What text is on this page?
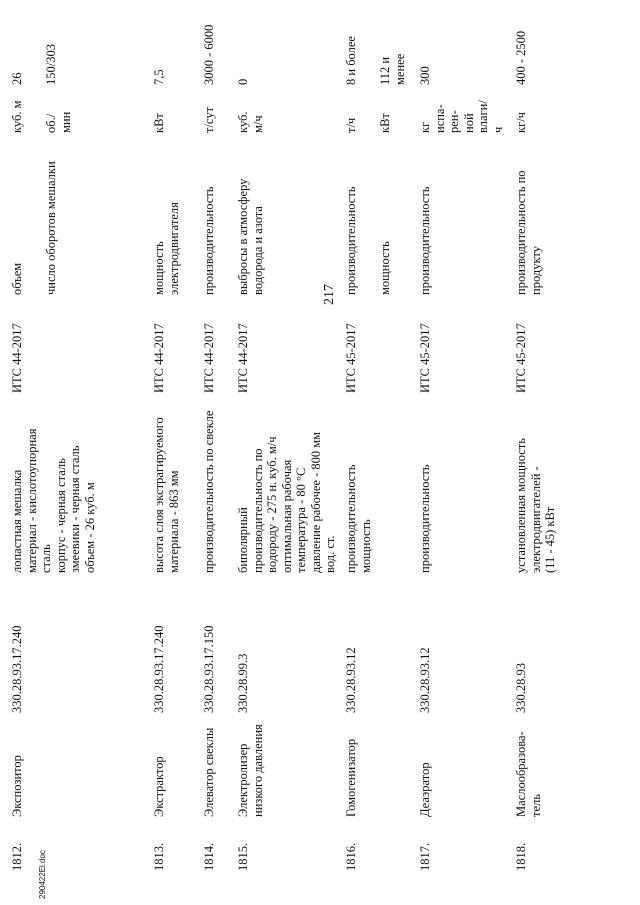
217
290422El.doc
1812.
Экспозитор
330.28.93.17.240
лопастная мешалка материал - кислотоупорная сталь корпус - черная сталь змеевики - черная сталь объем - 26 куб. м
ИТС 44-2017
объем
куб. м
26
число оборотов мешалки
об./ мин
150/303
1813.
Экстрактор
330.28.93.17.240
высота слоя экстрагируемого материала - 863 мм
ИТС 44-2017
мощность электродвигателя
кВт
7,5
1814.
Элеватор свеклы
330.28.93.17.150
производительность по свекле
ИТС 44-2017
производительность
т/сут
3000 - 6000
1815.
Электролизер низкого давления
330.28.99.3
биполярный производительность по водороду - 275 н. куб. м/ч оптимальная рабочая температура - 80 °С давление рабочее - 800 мм вод. ст.
ИТС 44-2017
выбросы в атмосферу водорода и азота
куб. м/ч
0
1816.
Гомогенизатор
330.28.93.12
производительность мощность
ИТС 45-2017
производительность
т/ч
8 и более
мощность
кВт
112 и менее
1817.
Деаэратор
330.28.93.12
производительность
ИТС 45-2017
производительность
кг испа- рен- ной влаги/ ч
300
1818.
Маслообразова- тель
330.28.93
установленная мощность электродвигателей - (11 - 45) кВт
ИТС 45-2017
производительность по продукту
кг/ч
400 - 2500
